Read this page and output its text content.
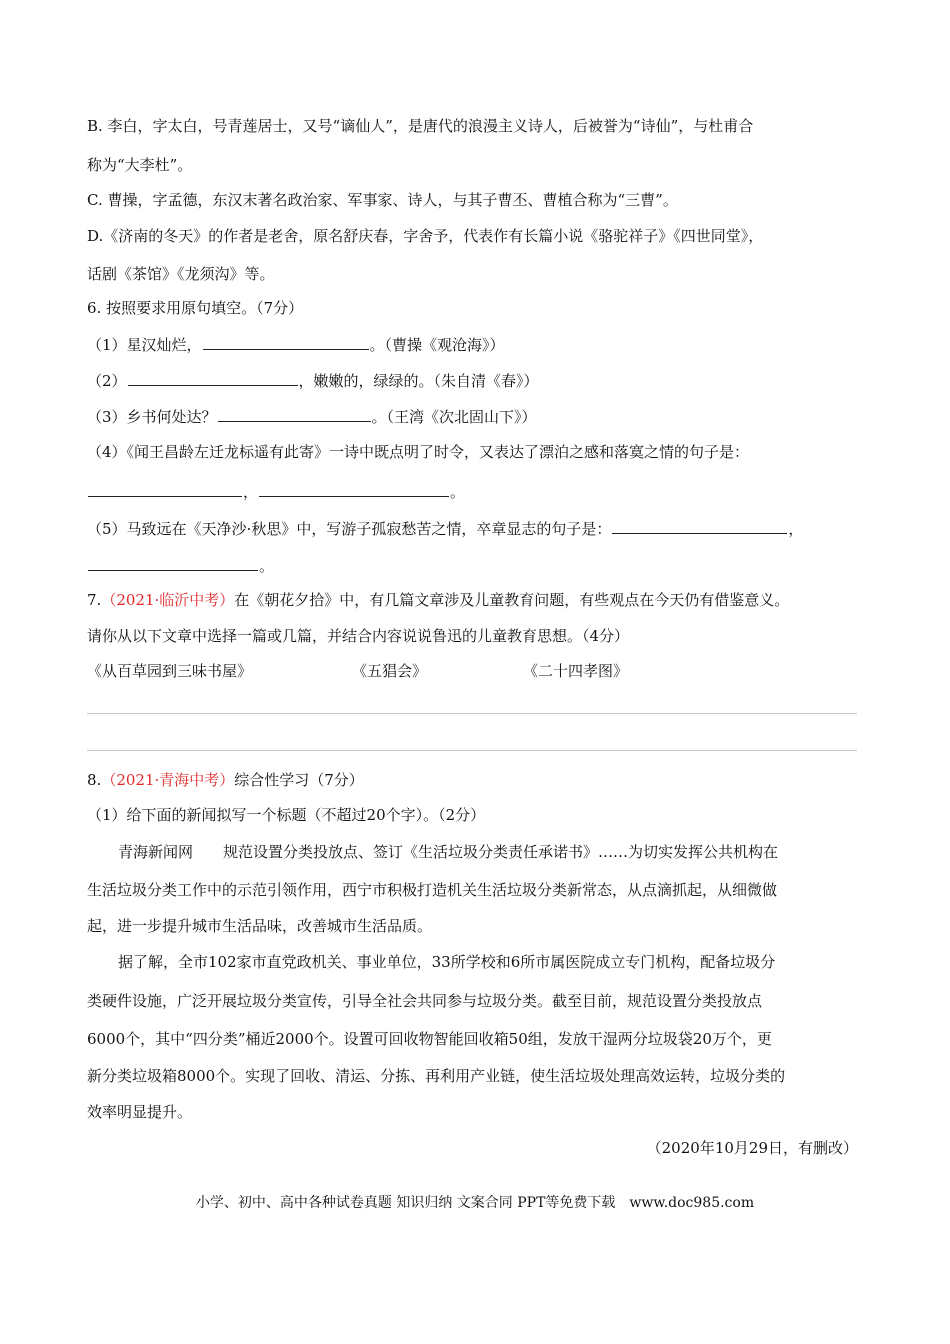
B. 李白，字太白，号青莲居士，又号“谪仙人”，是唐代的浪漫主义诗人，后被誉为“诗仙”，与杜甫合
称为“大李杜”。
C. 曹操，字孟德，东汉末著名政治家、军事家、诗人，与其子曹丕、曹植合称为“三曹”。
D.《济南的冬天》的作者是老舍，原名舒庆春，字舍予，代表作有长篇小说《骆驼祥子》《四世同堂》，
话剧《茶馆》《龙须沟》等。
6. 按照要求用原句填空。（7分）
（1）星汉灿烂，	。（曹操《观沧海》）
（2）	，嫩嫩的，绿绿的。（朱自清《春》）
（3）乡书何处达？	。（王湾《次北固山下》）
（4）《闻王昌龄左迁龙标遥有此寄》一诗中既点明了时令，又表达了漂泊之感和落寞之情的句子是：
，	。
（5）马致远在《天净沙·秋思》中，写游子孤寂愁苦之情，卒章显志的句子是：	，
。
7.（2021·临沂中考）在《朝花夕拾》中，有几篇文章涉及儿童教育问题，有些观点在今天仍有借鉴意义。
请你从以下文章中选择一篇或几篇，并结合内容说说鲁迅的儿童教育思想。（4分）
《从百草园到三味书屋》	《五猖会》	《二十四孝图》
8.（2021·青海中考）综合性学习（7分）
（1）给下面的新闻拟写一个标题（不超过20个字）。（2分）
青海新闻网　　规范设置分类投放点、签订《生活垃圾分类责任承诺书》……为切实发挥公共机构在
生活垃圾分类工作中的示范引领作用，西宁市积极打造机关生活垃圾分类新常态，从点滴抓起，从细微做
起，进一步提升城市生活品味，改善城市生活品质。
据了解，全市102家市直党政机关、事业单位，33所学校和6所市属医院成立专门机构，配备垃圾分
类硬件设施，广泛开展垃圾分类宣传，引导全社会共同参与垃圾分类。截至目前，规范设置分类投放点
6000个，其中“四分类”桶近2000个。设置可回收物智能回收箱50组，发放干湿两分垃圾袋20万个，更
新分类垃圾箱8000个。实现了回收、清运、分拣、再利用产业链，使生活垃圾处理高效运转，垃圾分类的
效率明显提升。
（2020年10月29日，有删改）
小学、初中、高中各种试卷真题 知识归纳 文案合同 PPT等免费下载　www.doc985.com
